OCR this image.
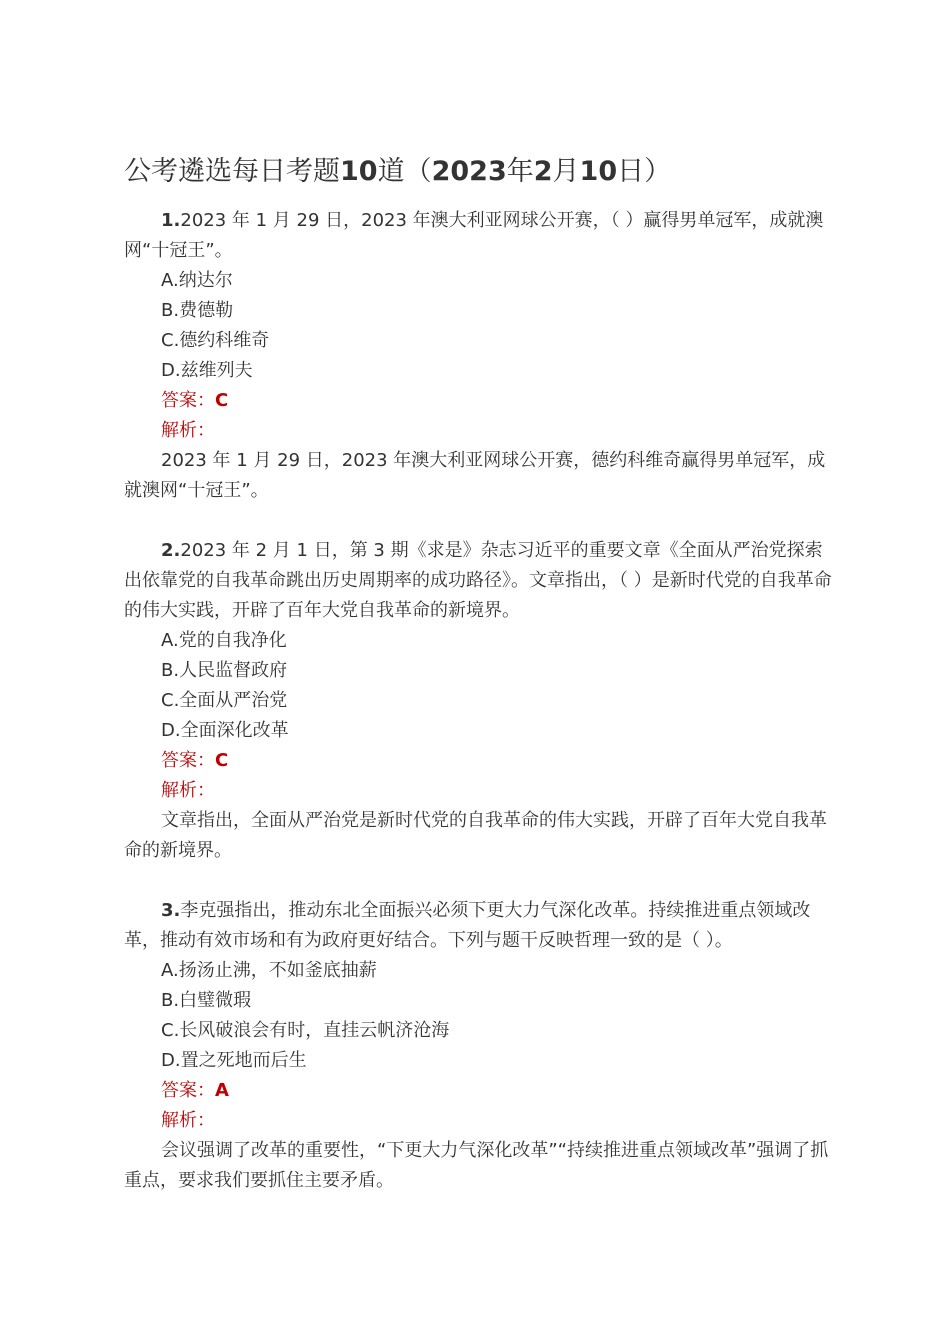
公考遴选每日考题10道（2023年2月10日）

1.2023 年 1 月 29 日，2023 年澳大利亚网球公开赛，（ ）赢得男单冠军，成就澳网“十冠王”。

A.纳达尔

B.费德勒

C.德约科维奇

D.兹维列夫

答案：C

解析：

2023 年 1 月 29 日，2023 年澳大利亚网球公开赛，德约科维奇赢得男单冠军，成就澳网“十冠王”。

2.2023 年 2 月 1 日，第 3 期《求是》杂志习近平的重要文章《全面从严治党探索出依靠党的自我革命跳出历史周期率的成功路径》。文章指出，（ ）是新时代党的自我革命的伟大实践，开辟了百年大党自我革命的新境界。

A.党的自我净化

B.人民监督政府

C.全面从严治党

D.全面深化改革

答案：C

解析：

文章指出，全面从严治党是新时代党的自我革命的伟大实践，开辟了百年大党自我革命的新境界。

3.李克强指出，推动东北全面振兴必须下更大力气深化改革。持续推进重点领域改革，推动有效市场和有为政府更好结合。下列与题干反映哲理一致的是（ ）。

A.扬汤止沸，不如釜底抽薪

B.白璧微瑕

C.长风破浪会有时，直挂云帆济沧海

D.置之死地而后生

答案：A

解析：

会议强调了改革的重要性，“下更大力气深化改革”“持续推进重点领域改革”强调了抓重点，要求我们要抓住主要矛盾。
